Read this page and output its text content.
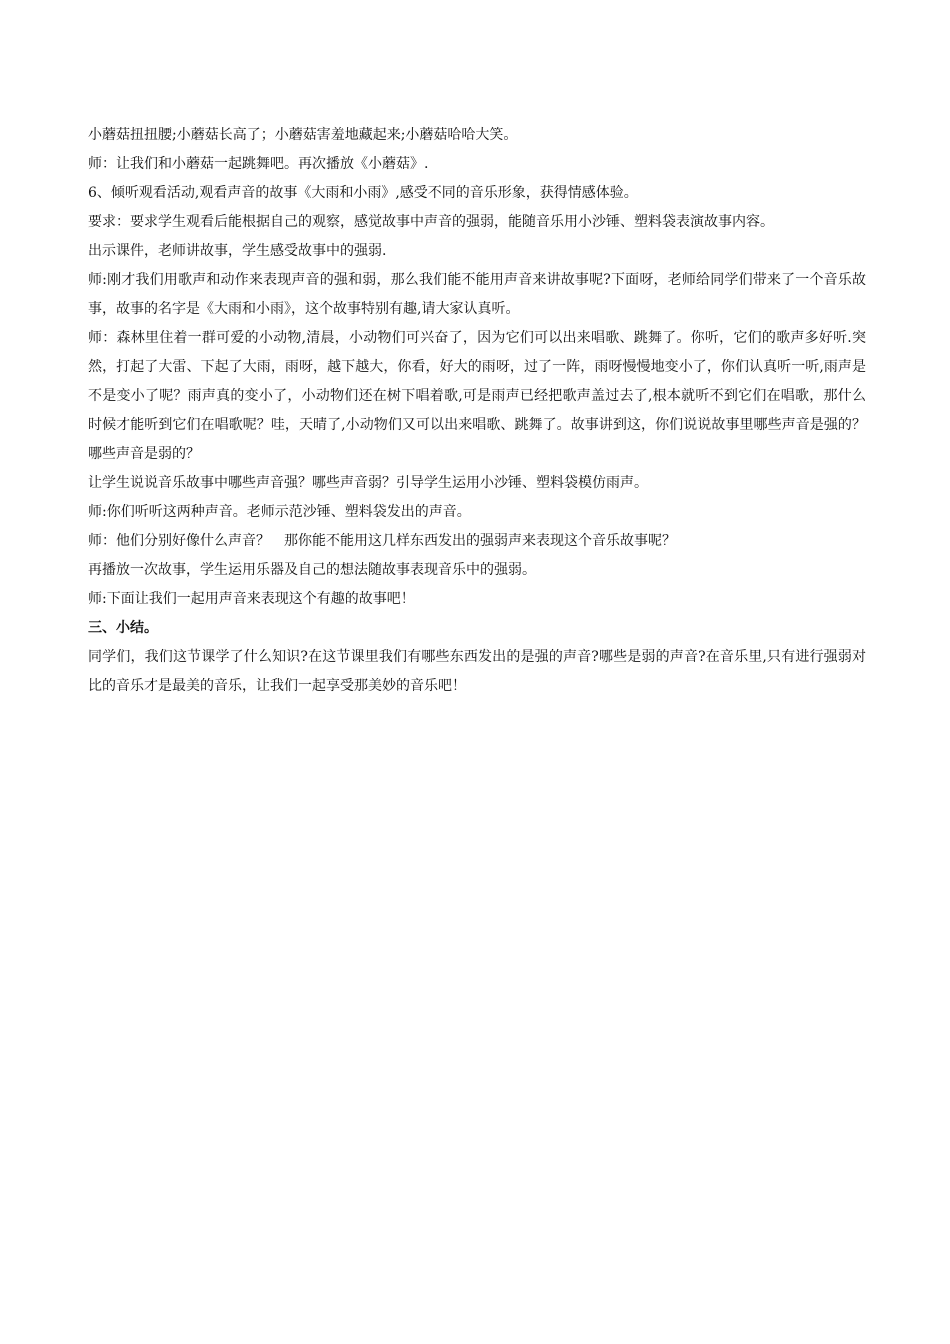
小蘑菇扭扭腰;小蘑菇长高了；小蘑菇害羞地藏起来;小蘑菇哈哈大笑。

师：让我们和小蘑菇一起跳舞吧。再次播放《小蘑菇》.

6、倾听观看活动,观看声音的故事《大雨和小雨》,感受不同的音乐形象，获得情感体验。

要求：要求学生观看后能根据自己的观察，感觉故事中声音的强弱，能随音乐用小沙锤、塑料袋表演故事内容。

出示课件，老师讲故事，学生感受故事中的强弱.

师:刚才我们用歌声和动作来表现声音的强和弱，那么我们能不能用声音来讲故事呢?下面呀，老师给同学们带来了一个音乐故事，故事的名字是《大雨和小雨》，这个故事特别有趣,请大家认真听。

师：森林里住着一群可爱的小动物,清晨，小动物们可兴奋了，因为它们可以出来唱歌、跳舞了。你听，它们的歌声多好听.突然，打起了大雷、下起了大雨，雨呀，越下越大，你看，好大的雨呀，过了一阵，雨呀慢慢地变小了，你们认真听一听,雨声是不是变小了呢？雨声真的变小了，小动物们还在树下唱着歌,可是雨声已经把歌声盖过去了,根本就听不到它们在唱歌，那什么时候才能听到它们在唱歌呢？哇，天晴了,小动物们又可以出来唱歌、跳舞了。故事讲到这，你们说说故事里哪些声音是强的？哪些声音是弱的？

让学生说说音乐故事中哪些声音强？哪些声音弱？引导学生运用小沙锤、塑料袋模仿雨声。

师:你们听听这两种声音。老师示范沙锤、塑料袋发出的声音。

师：他们分别好像什么声音？　那你能不能用这几样东西发出的强弱声来表现这个音乐故事呢？

再播放一次故事，学生运用乐器及自己的想法随故事表现音乐中的强弱。

师:下面让我们一起用声音来表现这个有趣的故事吧！

三、小结。

同学们，我们这节课学了什么知识?在这节课里我们有哪些东西发出的是强的声音?哪些是弱的声音?在音乐里,只有进行强弱对比的音乐才是最美的音乐，让我们一起享受那美妙的音乐吧！
